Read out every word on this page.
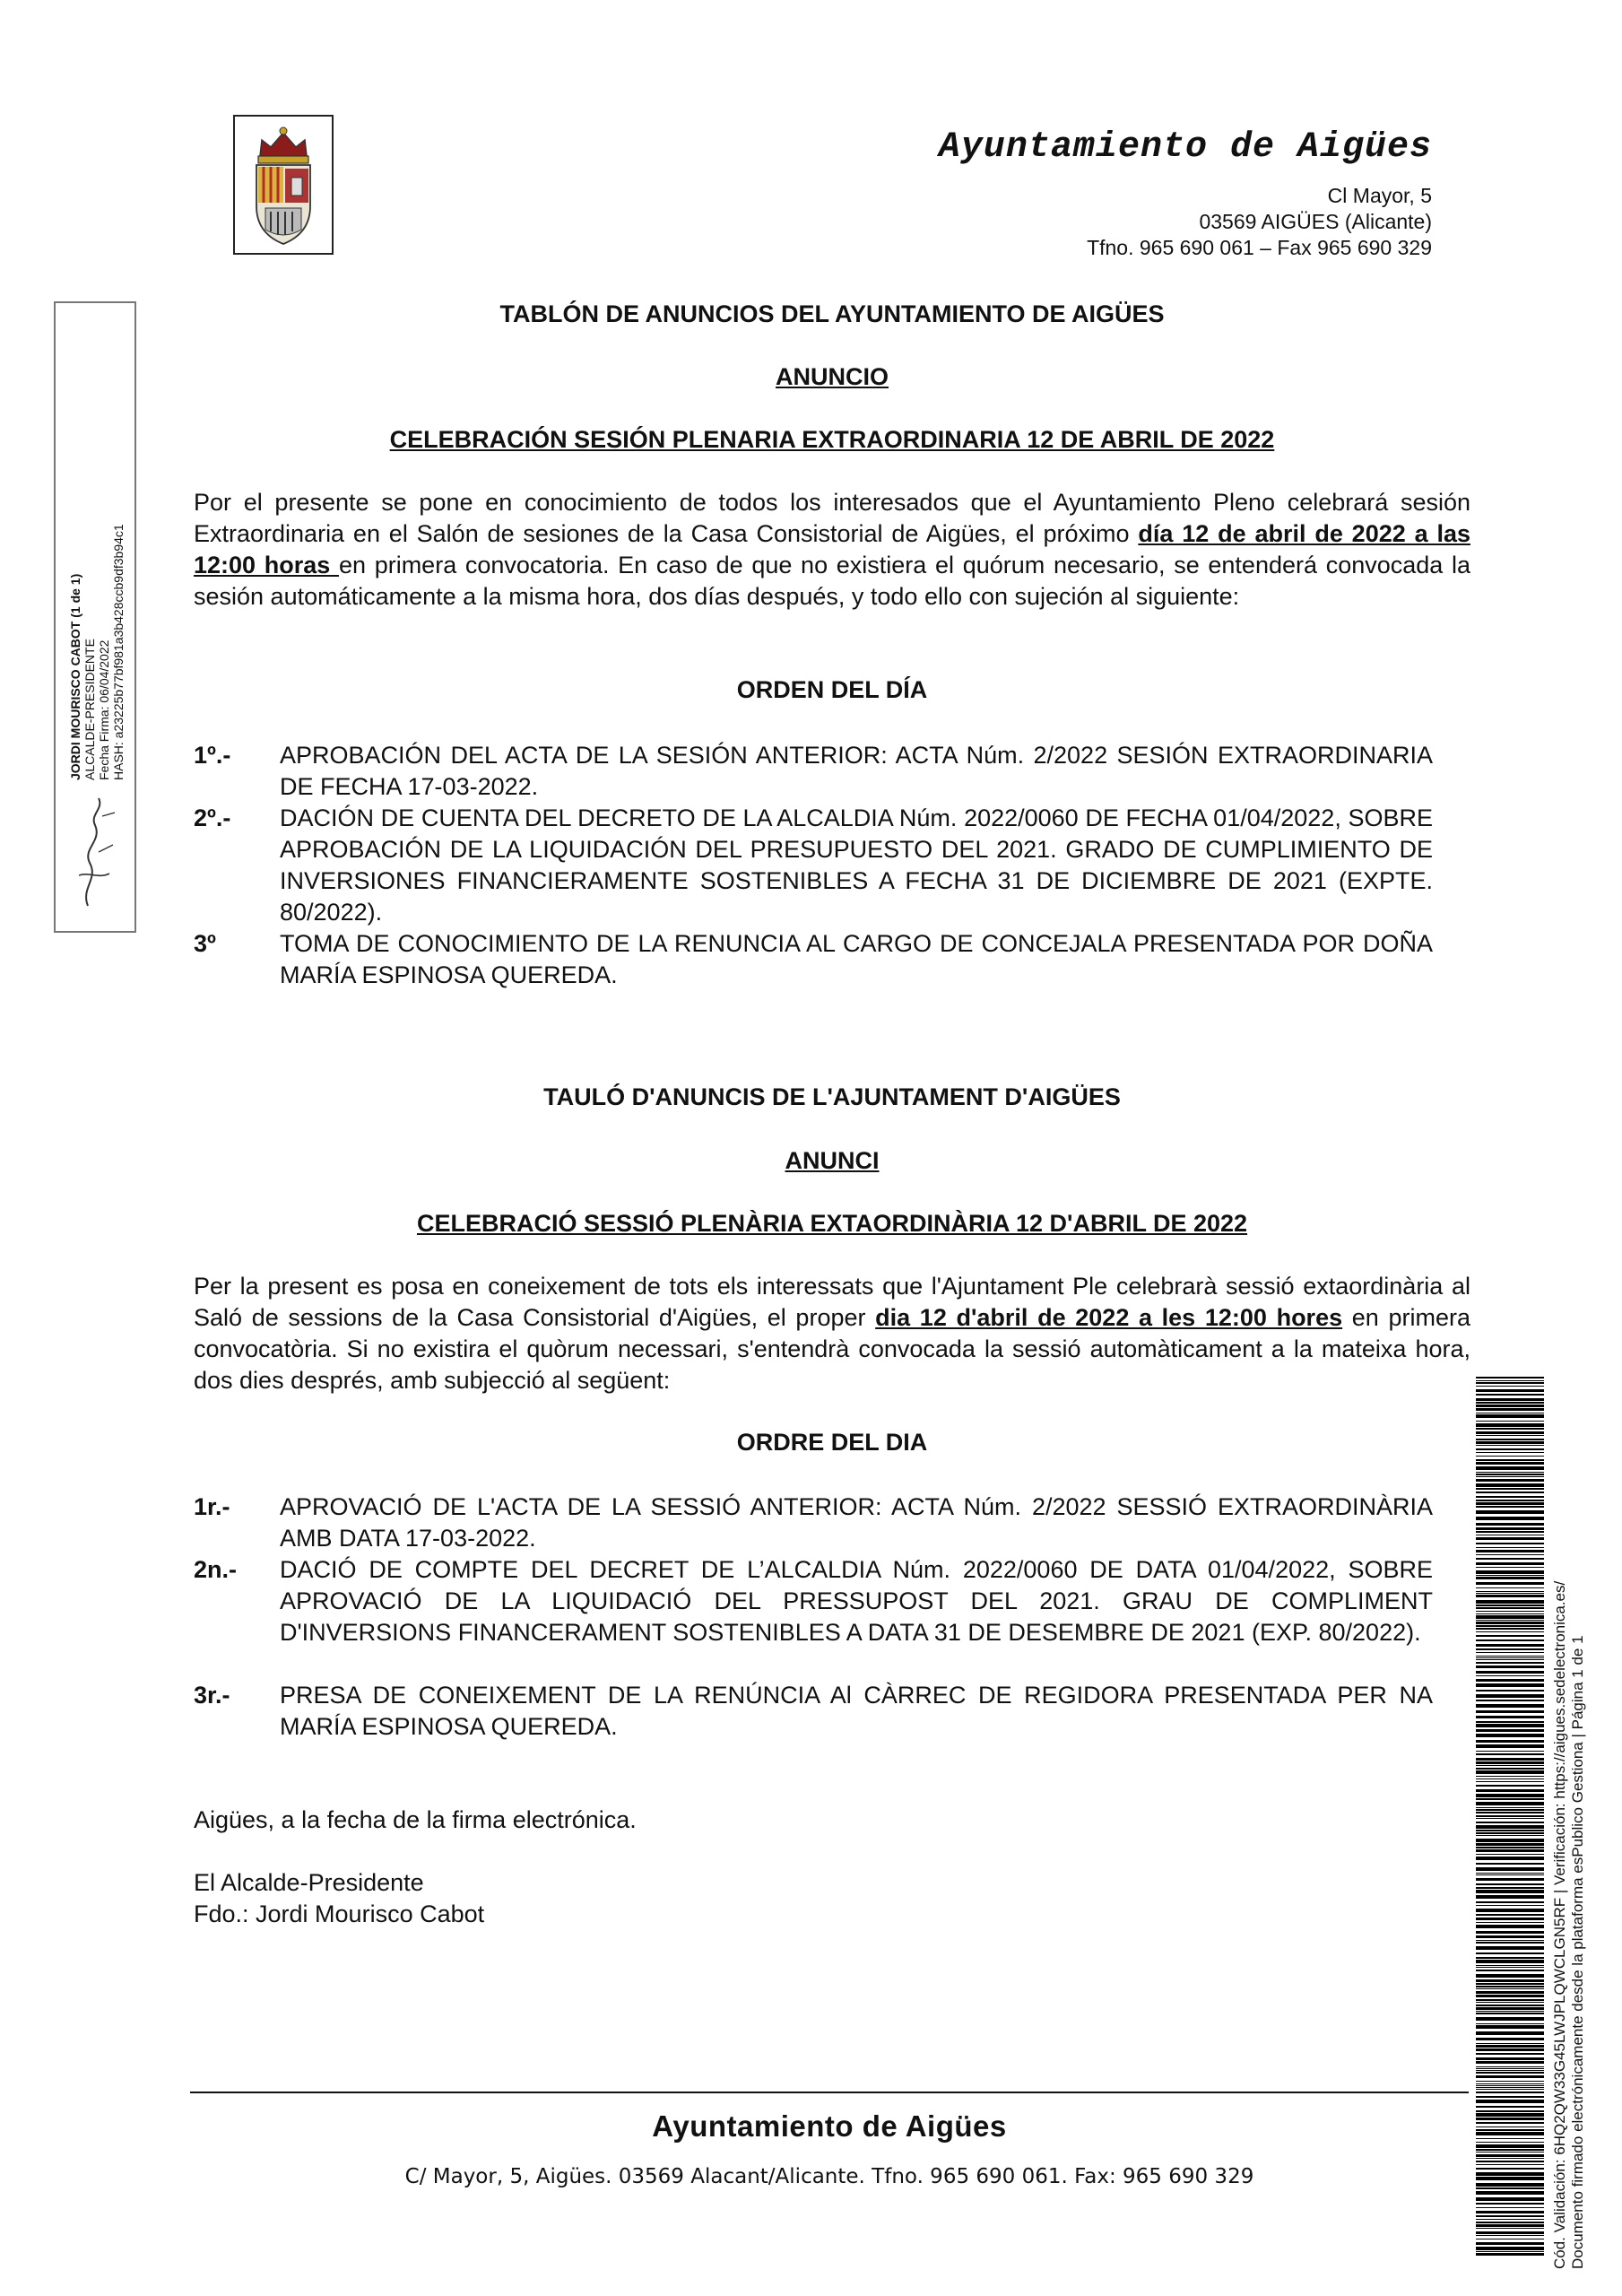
Ayuntamiento de Aigües
Cl Mayor, 5
03569 AIGÜES (Alicante)
Tfno. 965 690 061 – Fax 965 690 329
JORDI MOURISCO CABOT (1 de 1) ALCALDE-PRESIDENTE Fecha Firma: 06/04/2022 HASH: a23225b77bf981a3b428ccb9df3b94c1
TABLÓN DE ANUNCIOS DEL AYUNTAMIENTO DE AIGÜES
ANUNCIO
CELEBRACIÓN SESIÓN PLENARIA EXTRAORDINARIA 12 DE ABRIL DE 2022
Por el presente se pone en conocimiento de todos los interesados que el Ayuntamiento Pleno celebrará sesión Extraordinaria en el Salón de sesiones de la Casa Consistorial de Aigües, el próximo día 12 de abril de 2022 a las 12:00 horas en primera convocatoria. En caso de que no existiera el quórum necesario, se entenderá convocada la sesión automáticamente a la misma hora, dos días después, y todo ello con sujeción al siguiente:
ORDEN DEL DÍA
1º.- APROBACIÓN DEL ACTA DE LA SESIÓN ANTERIOR: ACTA Núm. 2/2022 SESIÓN EXTRAORDINARIA DE FECHA 17-03-2022.
2º.- DACIÓN DE CUENTA DEL DECRETO DE LA ALCALDIA Núm. 2022/0060 DE FECHA 01/04/2022, SOBRE APROBACIÓN DE LA LIQUIDACIÓN DEL PRESUPUESTO DEL 2021. GRADO DE CUMPLIMIENTO DE INVERSIONES FINANCIERAMENTE SOSTENIBLES A FECHA 31 DE DICIEMBRE DE 2021 (EXPTE. 80/2022).
3º	TOMA DE CONOCIMIENTO DE LA RENUNCIA AL CARGO DE CONCEJALA PRESENTADA POR DOÑA MARÍA ESPINOSA QUEREDA.
TAULÓ D'ANUNCIS DE L'AJUNTAMENT D'AIGÜES
ANUNCI
CELEBRACIÓ SESSIÓ PLENÀRIA EXTAORDINÀRIA 12 D'ABRIL DE 2022
Per la present es posa en coneixement de tots els interessats que l'Ajuntament Ple celebrarà sessió extaordinària al Saló de sessions de la Casa Consistorial d'Aigües, el proper dia 12 d'abril de 2022 a les 12:00 hores en primera convocatòria. Si no existira el quòrum necessari, s'entendrà convocada la sessió automàticament a la mateixa hora, dos dies després, amb subjecció al següent:
ORDRE DEL DIA
1r.- APROVACIÓ DE L'ACTA DE LA SESSIÓ ANTERIOR: ACTA Núm. 2/2022 SESSIÓ EXTRAORDINÀRIA AMB DATA 17-03-2022.
2n.- DACIÓ DE COMPTE DEL DECRET DE L’ALCALDIA Núm. 2022/0060 DE DATA 01/04/2022, SOBRE APROVACIÓ DE LA LIQUIDACIÓ DEL PRESSUPOST DEL 2021. GRAU DE COMPLIMENT D'INVERSIONS FINANCERAMENT SOSTENIBLES A DATA 31 DE DESEMBRE DE 2021 (EXP. 80/2022).
3r.- PRESA DE CONEIXEMENT DE LA RENÚNCIA Al CÀRREC DE REGIDORA PRESENTADA PER NA MARÍA ESPINOSA QUEREDA.
Aigües, a la fecha de la firma electrónica.
El Alcalde-Presidente
Fdo.: Jordi Mourisco Cabot	Cód. Validación: 6HQ2QW33G45LWJPLQWCLGN5RF | Verificación: https://aigues.sedelectronica.es/ Documento firmado electrónicamente desde la plataforma esPublico Gestiona | Página 1 de 1
Ayuntamiento de Aigües
C/ Mayor, 5, Aigües. 03569 Alacant/Alicante. Tfno. 965 690 061. Fax: 965 690 329
